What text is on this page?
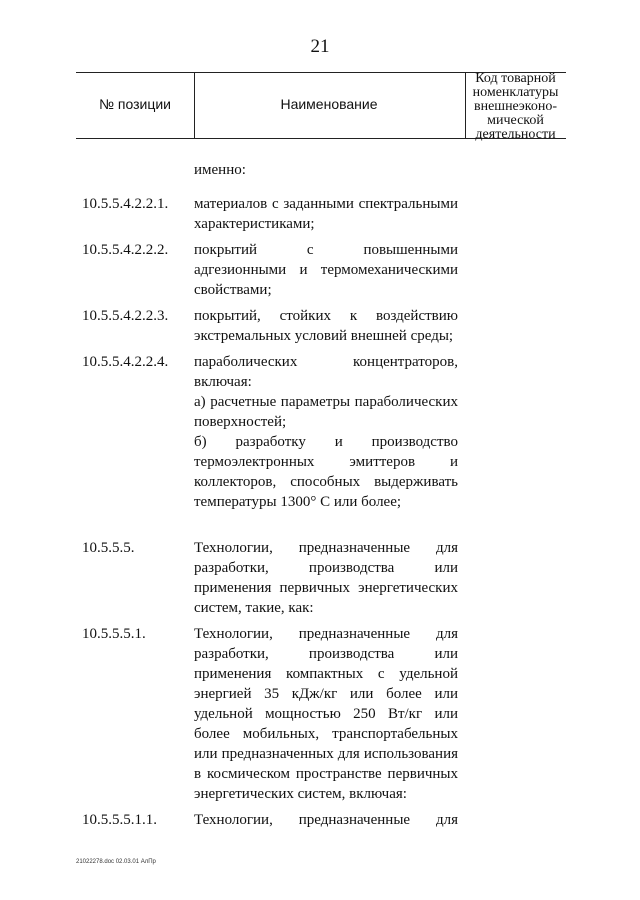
21
№ позиции	Наименование
Код товарной
номенклатуры
внешнеэконо-
мической
деятельности
именно:
10.5.5.4.2.2.1.	материалов с заданными спектральными характеристиками;
10.5.5.4.2.2.2.	покрытий с повышенными адгезионными и термомеханическими свойствами;
10.5.5.4.2.2.3.	покрытий, стойких к воздействию экстремальных условий внешней среды;
10.5.5.4.2.2.4.	параболических концентраторов, включая:
а) расчетные параметры параболических поверхностей;
б) разработку и производство термоэлектронных эмиттеров и коллекторов, способных выдерживать температуры 1300° С или более;
10.5.5.5.	Технологии, предназначенные для разработки, производства или применения первичных энергетических систем, такие, как:
10.5.5.5.1.	Технологии, предназначенные для разработки, производства или применения компактных с удельной энергией 35 кДж/кг или более или удельной мощностью 250 Вт/кг или более мобильных, транспортабельных или предназначенных для использования в космическом пространстве первичных энергетических систем, включая:
10.5.5.5.1.1.	Технологии, предназначенные для
21022278.doc 02.03.01 АлПр
